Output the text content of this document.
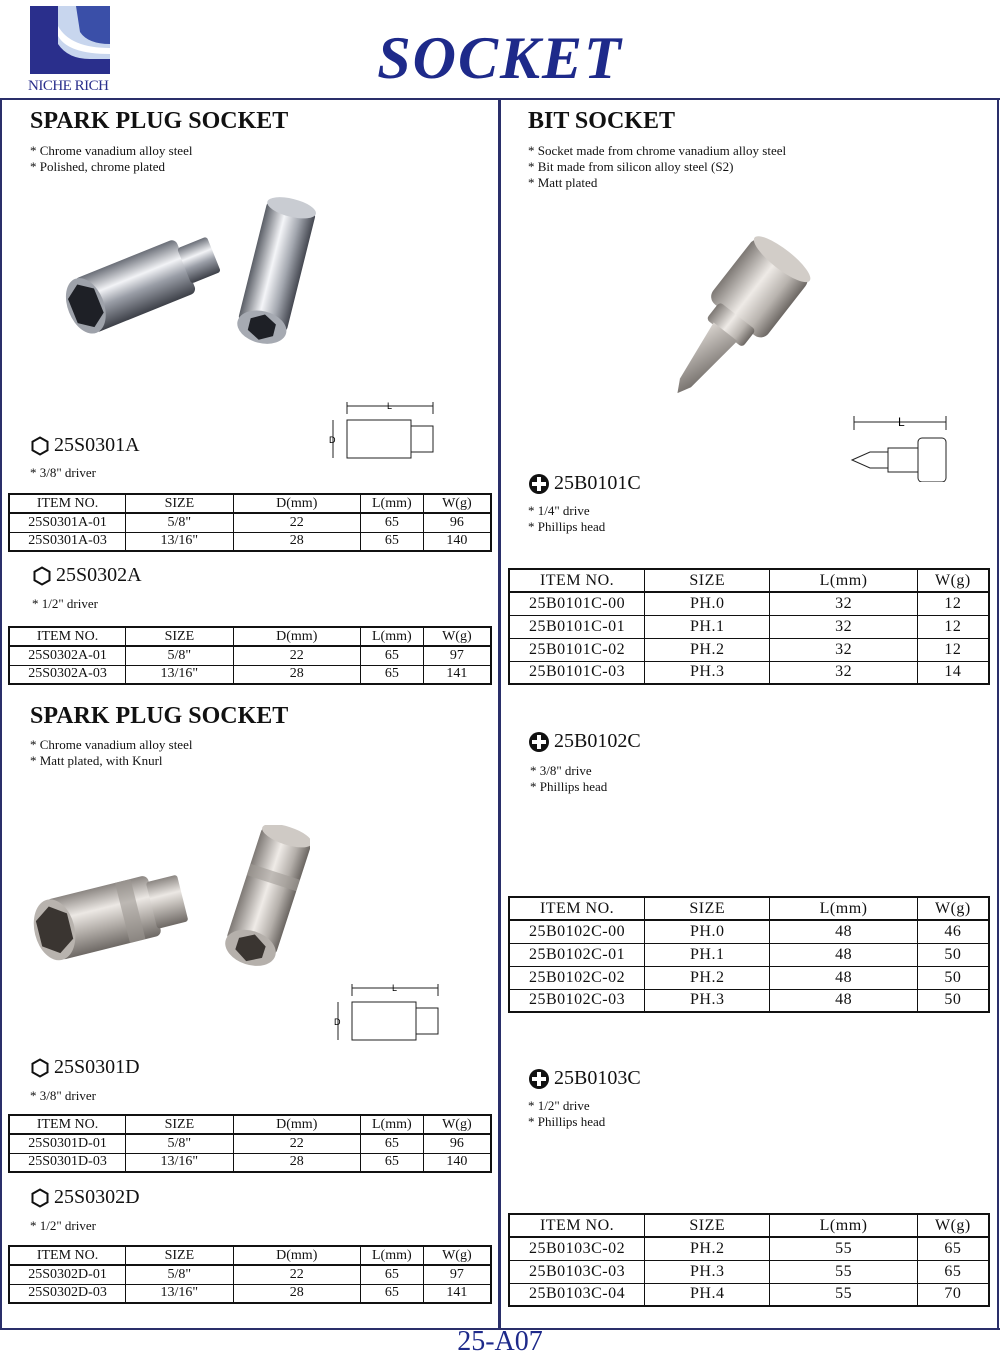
NICHE RICH	SOCKET
SPARK PLUG SOCKET
* Chrome vanadium alloy steel
* Polished, chrome plated
L
D
25S0301A
* 3/8" driver
ITEM NO.	SIZE	D(mm)	L(mm)	W(g)
25S0301A-01	5/8"	22	65	96
25S0301A-03	13/16"	28	65	140
25S0302A
* 1/2" driver
ITEM NO.	SIZE	D(mm)	L(mm)	W(g)
25S0302A-01	5/8"	22	65	97
25S0302A-03	13/16"	28	65	141
SPARK PLUG SOCKET
* Chrome vanadium alloy steel
* Matt plated, with Knurl
L
D
25S0301D
* 3/8" driver
ITEM NO.	SIZE	D(mm)	L(mm)	W(g)
25S0301D-01	5/8"	22	65	96
25S0301D-03	13/16"	28	65	140
25S0302D
* 1/2" driver
ITEM NO.	SIZE	D(mm)	L(mm)	W(g)
25S0302D-01	5/8"	22	65	97
25S0302D-03	13/16"	28	65	141
BIT SOCKET
* Socket made from chrome vanadium alloy steel
* Bit made from silicon alloy steel (S2)
* Matt plated
L
25B0101C
* 1/4" drive
* Phillips head
ITEM NO.	SIZE	L(mm)	W(g)
25B0101C-00	PH.0	32	12
25B0101C-01	PH.1	32	12
25B0101C-02	PH.2	32	12
25B0101C-03	PH.3	32	14
25B0102C
* 3/8" drive
* Phillips head
ITEM NO.	SIZE	L(mm)	W(g)
25B0102C-00	PH.0	48	46
25B0102C-01	PH.1	48	50
25B0102C-02	PH.2	48	50
25B0102C-03	PH.3	48	50
25B0103C
* 1/2" drive
* Phillips head
ITEM NO.	SIZE	L(mm)	W(g)
25B0103C-02	PH.2	55	65
25B0103C-03	PH.3	55	65
25B0103C-04	PH.4	55	70
25-A07
